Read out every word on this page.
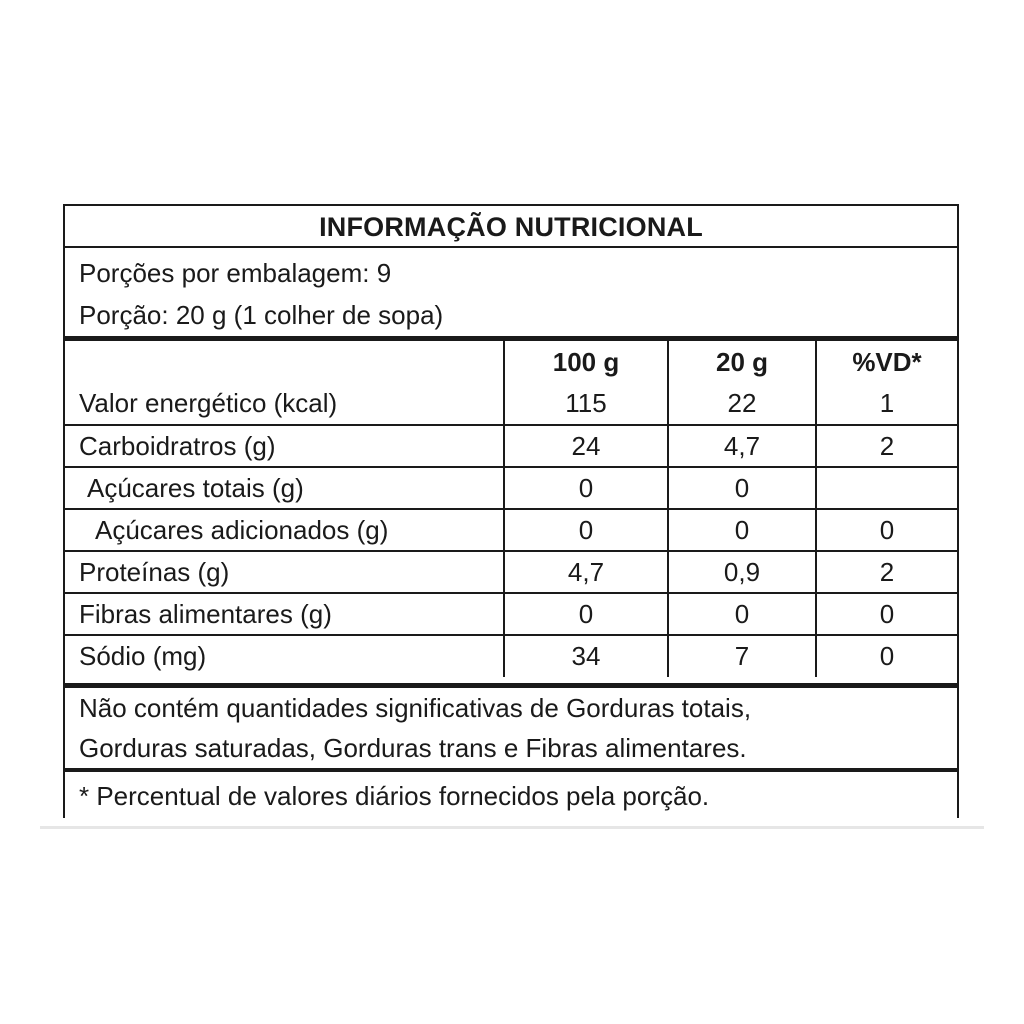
INFORMAÇÃO NUTRICIONAL
Porções por embalagem: 9
Porção: 20 g (1 colher de sopa)
	100 g	20 g	%VD*
Valor energético (kcal)	115	22	1
Carboidratros (g)	24	4,7	2
Açúcares totais (g)	0	0	
Açúcares adicionados (g)	0	0	0
Proteínas (g)	4,7	0,9	2
Fibras alimentares (g)	0	0	0
Sódio (mg)	34	7	0
Não contém quantidades significativas de Gorduras totais,
Gorduras saturadas, Gorduras trans e Fibras alimentares.
* Percentual de valores diários fornecidos pela porção.
